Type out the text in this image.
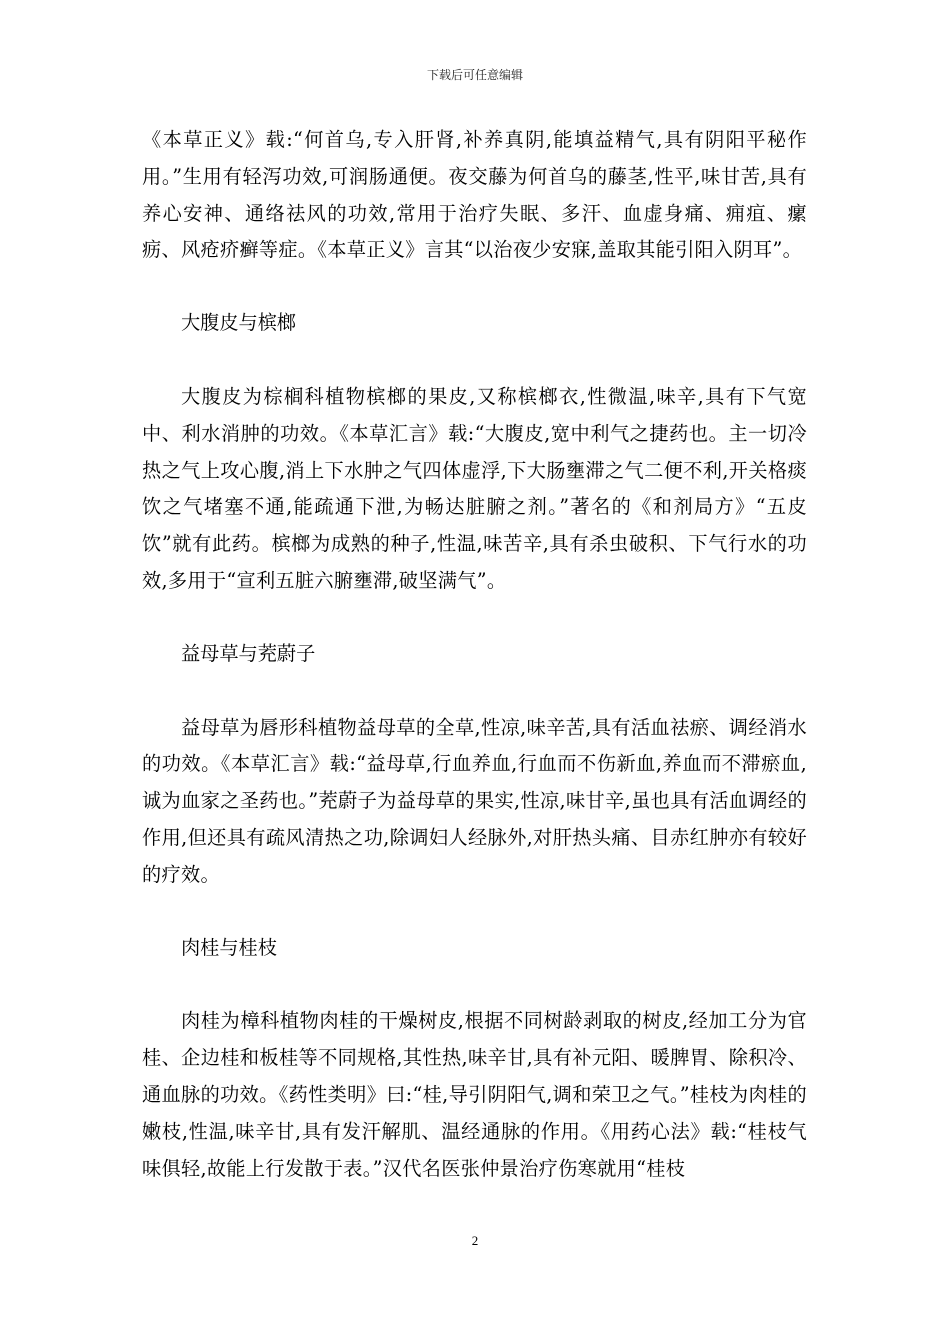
下载后可任意编辑

《本草正义》载:“何首乌,专入肝肾,补养真阴,能填益精气,具有阴阳平秘作用。”生用有轻泻功效,可润肠通便。夜交藤为何首乌的藤茎,性平,味甘苦,具有养心安神、通络祛风的功效,常用于治疗失眠、多汗、血虚身痛、痈疽、瘰疬、风疮疥癣等症。《本草正义》言其“以治夜少安寐,盖取其能引阳入阴耳”。

大腹皮与槟榔

大腹皮为棕榈科植物槟榔的果皮,又称槟榔衣,性微温,味辛,具有下气宽中、利水消肿的功效。《本草汇言》载:“大腹皮,宽中利气之捷药也。主一切冷热之气上攻心腹,消上下水肿之气四体虚浮,下大肠壅滞之气二便不利,开关格痰饮之气堵塞不通,能疏通下泄,为畅达脏腑之剂。”著名的《和剂局方》“五皮饮”就有此药。槟榔为成熟的种子,性温,味苦辛,具有杀虫破积、下气行水的功效,多用于“宣利五脏六腑壅滞,破坚满气”。

益母草与茺蔚子

益母草为唇形科植物益母草的全草,性凉,味辛苦,具有活血祛瘀、调经消水的功效。《本草汇言》载:“益母草,行血养血,行血而不伤新血,养血而不滞瘀血,诚为血家之圣药也。”茺蔚子为益母草的果实,性凉,味甘辛,虽也具有活血调经的作用,但还具有疏风清热之功,除调妇人经脉外,对肝热头痛、目赤红肿亦有较好的疗效。

肉桂与桂枝

肉桂为樟科植物肉桂的干燥树皮,根据不同树龄剥取的树皮,经加工分为官桂、企边桂和板桂等不同规格,其性热,味辛甘,具有补元阳、暖脾胃、除积冷、通血脉的功效。《药性类明》曰:“桂,导引阴阳气,调和荣卫之气。”桂枝为肉桂的嫩枝,性温,味辛甘,具有发汗解肌、温经通脉的作用。《用药心法》载:“桂枝气味俱轻,故能上行发散于表。”汉代名医张仲景治疗伤寒就用“桂枝

2
